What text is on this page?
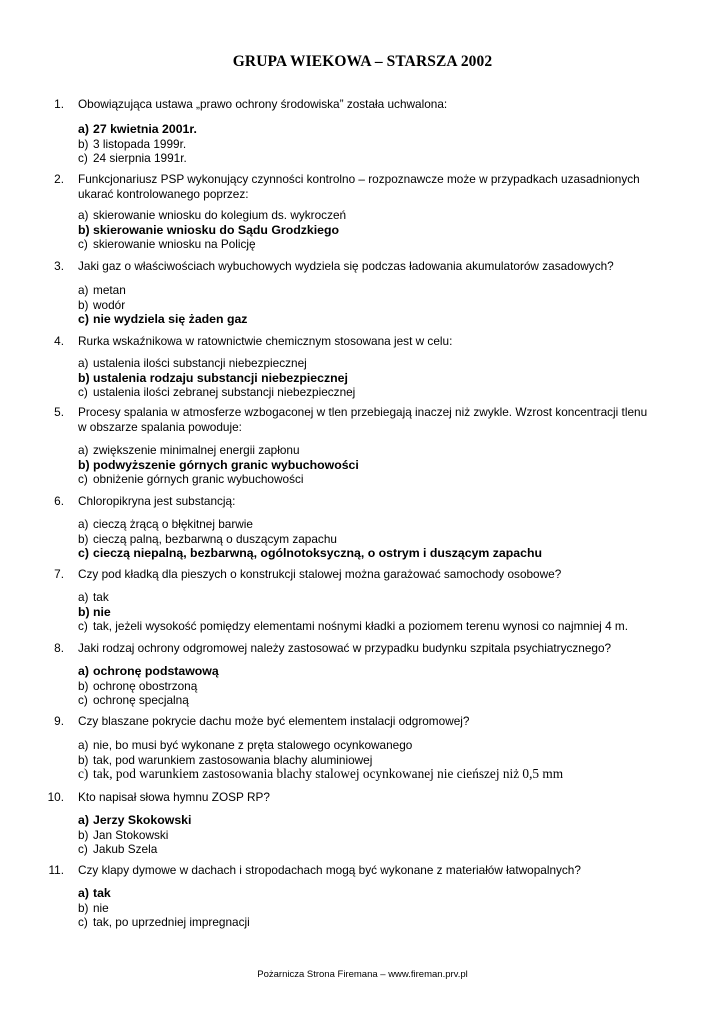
GRUPA WIEKOWA – STARSZA 2002
1. Obowiązująca ustawa „prawo ochrony środowiska” została uchwalona:
a) 27 kwietnia 2001r.
b) 3 listopada 1999r.
c) 24 sierpnia 1991r.
2. Funkcjonariusz PSP wykonujący czynności kontrolno – rozpoznawcze może w przypadkach uzasadnionych ukarać kontrolowanego poprzez:
a) skierowanie wniosku do kolegium ds. wykroczeń
b) skierowanie wniosku do Sądu Grodzkiego
c) skierowanie wniosku na Policję
3. Jaki gaz o właściwościach wybuchowych wydziela się podczas ładowania akumulatorów zasadowych?
a) metan
b) wodór
c) nie wydziela się żaden gaz
4. Rurka wskaźnikowa w ratownictwie chemicznym stosowana jest w celu:
a) ustalenia ilości substancji niebezpiecznej
b) ustalenia rodzaju substancji niebezpiecznej
c) ustalenia ilości zebranej substancji niebezpiecznej
5. Procesy spalania w atmosferze wzbogaconej w tlen przebiegają inaczej niż zwykle. Wzrost koncentracji tlenu w obszarze spalania powoduje:
a) zwiększenie minimalnej energii zapłonu
b) podwyższenie górnych granic wybuchowości
c) obniżenie górnych granic wybuchowości
6. Chloropikryna jest substancją:
a) cieczą żrącą o błękitnej barwie
b) cieczą palną, bezbarwną o duszącym zapachu
c) cieczą niepalną, bezbarwną, ogólnotoksyczną, o ostrym i duszącym zapachu
7. Czy pod kładką dla pieszych o konstrukcji stalowej można garażować samochody osobowe?
a) tak
b) nie
c) tak, jeżeli wysokość pomiędzy elementami nośnymi kładki a poziomem terenu wynosi co najmniej 4 m.
8. Jaki rodzaj ochrony odgromowej należy zastosować w przypadku budynku szpitala psychiatrycznego?
a) ochronę podstawową
b) ochronę obostrzoną
c) ochronę specjalną
9. Czy blaszane pokrycie dachu może być elementem instalacji odgromowej?
a) nie, bo musi być wykonane z pręta stalowego ocynkowanego
b) tak, pod warunkiem zastosowania blachy aluminiowej
c) tak, pod warunkiem zastosowania blachy stalowej ocynkowanej nie cieńszej niż 0,5 mm
10. Kto napisał słowa hymnu ZOSP RP?
a) Jerzy Skokowski
b) Jan Stokowski
c) Jakub Szela
11. Czy klapy dymowe w dachach i stropodachach mogą być wykonane z materiałów łatwopalnych?
a) tak
b) nie
c) tak, po uprzedniej impregnacji
Pożarnicza Strona Firemana – www.fireman.prv.pl
